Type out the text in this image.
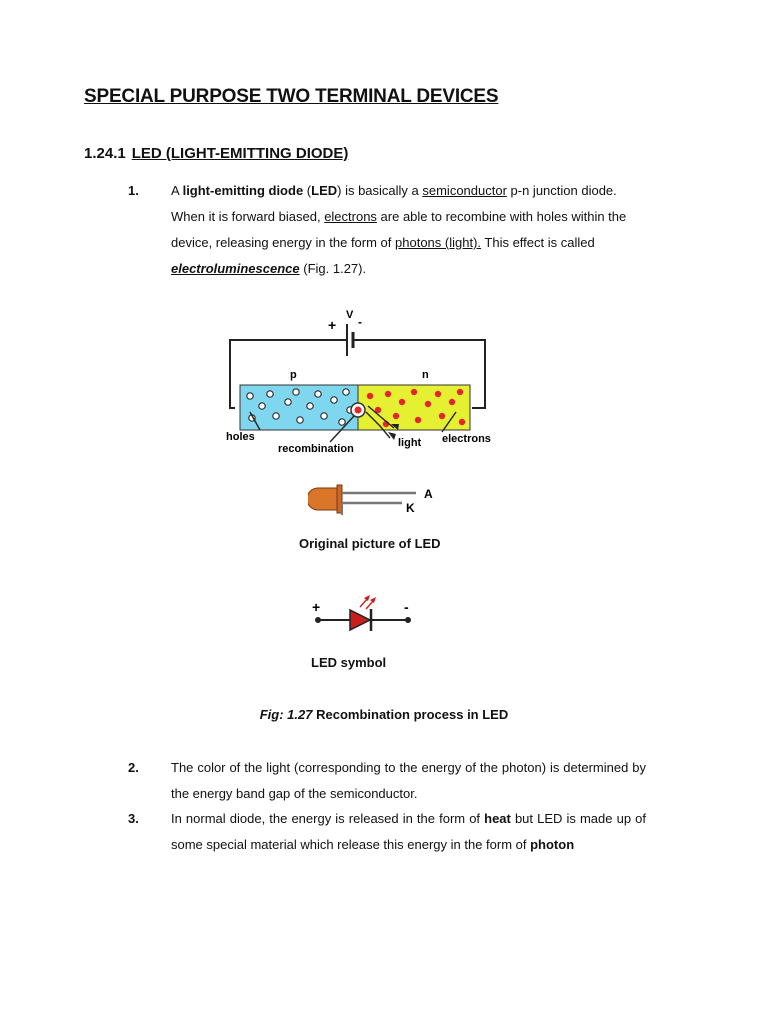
SPECIAL PURPOSE TWO TERMINAL DEVICES
1.24.1 LED (LIGHT-EMITTING DIODE)
1. A light-emitting diode (LED) is basically a semiconductor p-n junction diode. When it is forward biased, electrons are able to recombine with holes within the device, releasing energy in the form of photons (light). This effect is called electroluminescence (Fig. 1.27).
+ -
V
p	n
holes
recombination	light electrons
A
K
Original picture of LED
+	-
LED symbol
Fig: 1.27 Recombination process in LED
2. The color of the light (corresponding to the energy of the photon) is determined by the energy band gap of the semiconductor.
3. In normal diode, the energy is released in the form of heat but LED is made up of some special material which release this energy in the form of photon
